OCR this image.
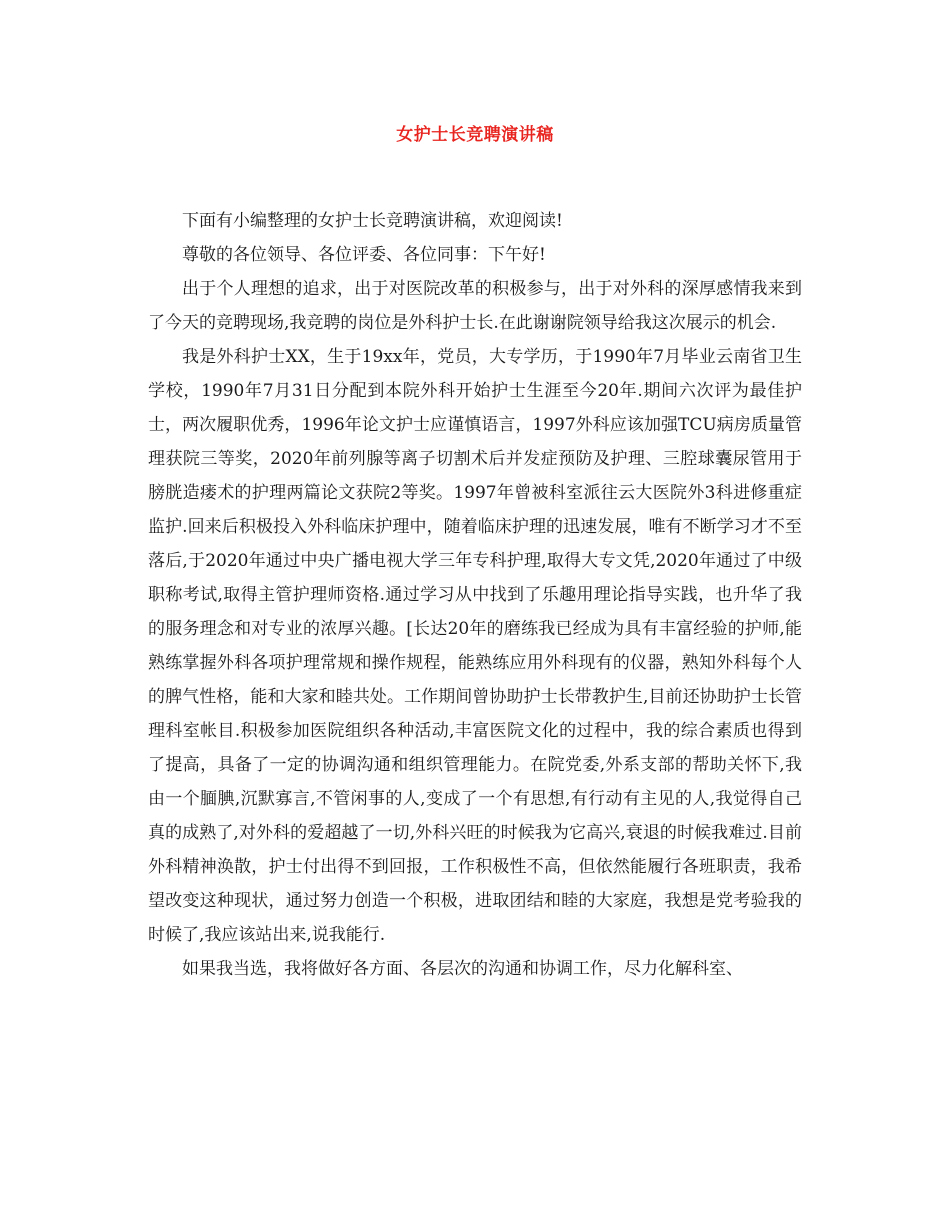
女护士长竞聘演讲稿

下面有小编整理的女护士长竞聘演讲稿，欢迎阅读!

尊敬的各位领导、各位评委、各位同事：下午好!

出于个人理想的追求，出于对医院改革的积极参与，出于对外科的深厚感情我来到了今天的竞聘现场,我竞聘的岗位是外科护士长.在此谢谢院领导给我这次展示的机会.

我是外科护士XX，生于19xx年，党员，大专学历，于1990年7月毕业云南省卫生学校，1990年7月31日分配到本院外科开始护士生涯至今20年.期间六次评为最佳护士，两次履职优秀，1996年论文护士应谨慎语言，1997外科应该加强TCU病房质量管理获院三等奖，2020年前列腺等离子切割术后并发症预防及护理、三腔球囊尿管用于膀胱造瘘术的护理两篇论文获院2等奖。1997年曾被科室派往云大医院外3科进修重症监护.回来后积极投入外科临床护理中，随着临床护理的迅速发展，唯有不断学习才不至落后,于2020年通过中央广播电视大学三年专科护理,取得大专文凭,2020年通过了中级职称考试,取得主管护理师资格.通过学习从中找到了乐趣用理论指导实践，也升华了我的服务理念和对专业的浓厚兴趣。[长达20年的磨练我已经成为具有丰富经验的护师,能熟练掌握外科各项护理常规和操作规程，能熟练应用外科现有的仪器，熟知外科每个人的脾气性格，能和大家和睦共处。工作期间曾协助护士长带教护生,目前还协助护士长管理科室帐目.积极参加医院组织各种活动,丰富医院文化的过程中，我的综合素质也得到了提高，具备了一定的协调沟通和组织管理能力。在院党委,外系支部的帮助关怀下,我由一个腼腆,沉默寡言,不管闲事的人,变成了一个有思想,有行动有主见的人,我觉得自己真的成熟了,对外科的爱超越了一切,外科兴旺的时候我为它高兴,衰退的时候我难过.目前外科精神涣散，护士付出得不到回报，工作积极性不高，但依然能履行各班职责，我希望改变这种现状，通过努力创造一个积极，进取团结和睦的大家庭，我想是党考验我的时候了,我应该站出来,说我能行.

如果我当选，我将做好各方面、各层次的沟通和协调工作，尽力化解科室、
